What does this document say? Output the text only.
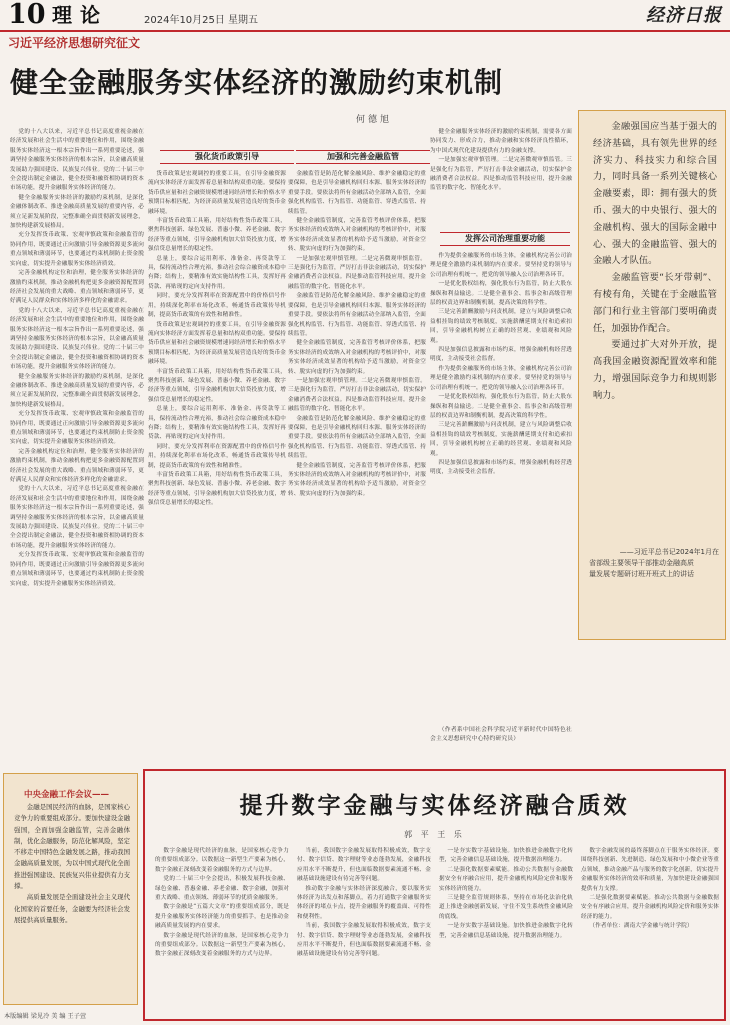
10 理论	2024年10月25日 星期五	经济日报
习近平经济思想研究征文
健全金融服务实体经济的激励约束机制
何德旭

党的十八大以来，习近平总书记高度重视金融在经济发展和社会生活中的重要地位和作用，围绕金融服务实体经济这一根本宗旨作出一系列重要论述，强调坚持金融服务实体经济的根本宗旨，以金融高质量发展助力强国建设、民族复兴伟业。党的二十届三中全会提出制定金融法，健全投资和融资相协调的资本市场功能，提升金融服务实体经济的能力。

健全金融服务实体经济的激励约束机制，是深化金融体制改革、推进金融高质量发展的重要内容，必须立足新发展阶段，完整准确全面贯彻新发展理念，加快构建新发展格局。

充分发挥货币政策、宏观审慎政策和金融监管的协同作用，既要通过正向激励引导金融资源更多流向重点领域和薄弱环节，也要通过约束机制防止资金脱实向虚，切实提升金融服务实体经济质效。

完善金融机构定位和治理，健全服务实体经济的激励约束机制，推动金融机构把更多金融资源配置到经济社会发展的重大战略、重点领域和薄弱环节，更好满足人民群众和实体经济多样化的金融需求。

党的十八大以来，习近平总书记高度重视金融在经济发展和社会生活中的重要地位和作用，围绕金融服务实体经济这一根本宗旨作出一系列重要论述，强调坚持金融服务实体经济的根本宗旨，以金融高质量发展助力强国建设、民族复兴伟业。党的二十届三中全会提出制定金融法，健全投资和融资相协调的资本市场功能，提升金融服务实体经济的能力。

健全金融服务实体经济的激励约束机制，是深化金融体制改革、推进金融高质量发展的重要内容，必须立足新发展阶段，完整准确全面贯彻新发展理念，加快构建新发展格局。

充分发挥货币政策、宏观审慎政策和金融监管的协同作用，既要通过正向激励引导金融资源更多流向重点领域和薄弱环节，也要通过约束机制防止资金脱实向虚，切实提升金融服务实体经济质效。

完善金融机构定位和治理，健全服务实体经济的激励约束机制，推动金融机构把更多金融资源配置到经济社会发展的重大战略、重点领域和薄弱环节，更好满足人民群众和实体经济多样化的金融需求。

党的十八大以来，习近平总书记高度重视金融在经济发展和社会生活中的重要地位和作用，围绕金融服务实体经济这一根本宗旨作出一系列重要论述，强调坚持金融服务实体经济的根本宗旨，以金融高质量发展助力强国建设、民族复兴伟业。党的二十届三中全会提出制定金融法，健全投资和融资相协调的资本市场功能，提升金融服务实体经济的能力。

充分发挥货币政策、宏观审慎政策和金融监管的协同作用，既要通过正向激励引导金融资源更多流向重点领域和薄弱环节，也要通过约束机制防止资金脱实向虚，切实提升金融服务实体经济质效。

强化货币政策引导

货币政策是宏观调控的重要工具，在引导金融资源流向实体经济方面发挥着总量和结构双重功能。要保持货币供应量和社会融资规模增速同经济增长和价格水平预期目标相匹配，为经济高质量发展营造良好的货币金融环境。

丰富货币政策工具箱，用好结构性货币政策工具，聚焦科技创新、绿色发展、普惠小微、养老金融、数字经济等重点领域，引导金融机构加大信贷投放力度，增强信贷总量增长的稳定性。

总量上，要综合运用利率、准备金、再贷款等工具，保持流动性合理充裕，推动社会综合融资成本稳中有降；结构上，要精准有效实施结构性工具，发挥好再贷款、再贴现的定向支持作用。

同时，要充分发挥利率在资源配置中的价格信号作用，持续深化利率市场化改革，畅通货币政策传导机制，提高货币政策的有效性和精准性。

货币政策是宏观调控的重要工具，在引导金融资源流向实体经济方面发挥着总量和结构双重功能。要保持货币供应量和社会融资规模增速同经济增长和价格水平预期目标相匹配，为经济高质量发展营造良好的货币金融环境。

丰富货币政策工具箱，用好结构性货币政策工具，聚焦科技创新、绿色发展、普惠小微、养老金融、数字经济等重点领域，引导金融机构加大信贷投放力度，增强信贷总量增长的稳定性。

总量上，要综合运用利率、准备金、再贷款等工具，保持流动性合理充裕，推动社会综合融资成本稳中有降；结构上，要精准有效实施结构性工具，发挥好再贷款、再贴现的定向支持作用。

同时，要充分发挥利率在资源配置中的价格信号作用，持续深化利率市场化改革，畅通货币政策传导机制，提高货币政策的有效性和精准性。

丰富货币政策工具箱，用好结构性货币政策工具，聚焦科技创新、绿色发展、普惠小微、养老金融、数字经济等重点领域，引导金融机构加大信贷投放力度，增强信贷总量增长的稳定性。

加强和完善金融监管

金融监管是防范化解金融风险、维护金融稳定的重要保障，也是引导金融机构回归本源、服务实体经济的重要手段。要依法将所有金融活动全部纳入监管，全面强化机构监管、行为监管、功能监管、穿透式监管、持续监管。

健全金融监管制度，完善监管考核评价体系，把服务实体经济的成效纳入对金融机构的考核评价中，对服务实体经济成效显著的机构给予适当激励，对资金空转、脱实向虚的行为加强约束。

一是加强宏观审慎管理。二是完善微观审慎监管。三是强化行为监管，严厉打击非法金融活动，切实保护金融消费者合法权益。四是推动监管科技应用，提升金融监管的数字化、智能化水平。

金融监管是防范化解金融风险、维护金融稳定的重要保障，也是引导金融机构回归本源、服务实体经济的重要手段。要依法将所有金融活动全部纳入监管，全面强化机构监管、行为监管、功能监管、穿透式监管、持续监管。

健全金融监管制度，完善监管考核评价体系，把服务实体经济的成效纳入对金融机构的考核评价中，对服务实体经济成效显著的机构给予适当激励，对资金空转、脱实向虚的行为加强约束。

一是加强宏观审慎管理。二是完善微观审慎监管。三是强化行为监管，严厉打击非法金融活动，切实保护金融消费者合法权益。四是推动监管科技应用，提升金融监管的数字化、智能化水平。

金融监管是防范化解金融风险、维护金融稳定的重要保障，也是引导金融机构回归本源、服务实体经济的重要手段。要依法将所有金融活动全部纳入监管，全面强化机构监管、行为监管、功能监管、穿透式监管、持续监管。

健全金融监管制度，完善监管考核评价体系，把服务实体经济的成效纳入对金融机构的考核评价中，对服务实体经济成效显著的机构给予适当激励，对资金空转、脱实向虚的行为加强约束。

健全金融服务实体经济的激励约束机制，需要各方面协同发力、形成合力，推动金融和实体经济良性循环，为中国式现代化建设提供有力的金融支撑。

一是加强宏观审慎管理。二是完善微观审慎监管。三是强化行为监管，严厉打击非法金融活动，切实保护金融消费者合法权益。四是推动监管科技应用，提升金融监管的数字化、智能化水平。

发挥公司治理重要功能

作为提供金融服务的市场主体，金融机构完善公司治理是健全激励约束机制的内在要求。要坚持党的领导与公司治理有机统一，把党的领导融入公司治理各环节。

一是优化股权结构，强化股东行为监管，防止大股东操纵和利益输送。二是健全董事会、监事会和高级管理层的权责边界和制衡机制，提高决策的科学性。

三是完善薪酬激励与问责机制，建立与风险调整后收益相挂钩的绩效考核制度，实施薪酬延期支付和追索扣回，引导金融机构树立正确的经营观、业绩观和风险观。

四是加强信息披露和市场约束，增强金融机构经营透明度，主动接受社会监督。

作为提供金融服务的市场主体，金融机构完善公司治理是健全激励约束机制的内在要求。要坚持党的领导与公司治理有机统一，把党的领导融入公司治理各环节。

一是优化股权结构，强化股东行为监管，防止大股东操纵和利益输送。二是健全董事会、监事会和高级管理层的权责边界和制衡机制，提高决策的科学性。

三是完善薪酬激励与问责机制，建立与风险调整后收益相挂钩的绩效考核制度，实施薪酬延期支付和追索扣回，引导金融机构树立正确的经营观、业绩观和风险观。

四是加强信息披露和市场约束，增强金融机构经营透明度，主动接受社会监督。

（作者系中国社会科学院习近平新时代中国特色社会主义思想研究中心特约研究员）

金融强国应当基于强大的经济基础，具有领先世界的经济实力、科技实力和综合国力，同时具备一系列关键核心金融要素，即：拥有强大的货币、强大的中央银行、强大的金融机构、强大的国际金融中心、强大的金融监管、强大的金融人才队伍。

金融监管要“长牙带刺”、有棱有角，关键在于金融监管部门和行业主管部门要明确责任，加强协作配合。

要通过扩大对外开放，提高我国金融资源配置效率和能力，增强国际竞争力和规则影响力。

——习近平总书记2024年1月在
省部级主要领导干部推动金融高质
量发展专题研讨班开班式上的讲话
中央金融工作会议——

金融是国民经济的血脉，是国家核心竞争力的重要组成部分。要加快建设金融强国，全面加强金融监管，完善金融体制，优化金融服务，防范化解风险，坚定不移走中国特色金融发展之路，推动我国金融高质量发展，为以中国式现代化全面推进强国建设、民族复兴伟业提供有力支撑。

高质量发展是全面建设社会主义现代化国家的首要任务，金融要为经济社会发展提供高质量服务。

提升数字金融与实体经济融合质效
郭 平 王 乐

数字金融是现代经济的血脉，是国家核心竞争力的重要组成部分。以数据这一新型生产要素为核心，数字金融正深刻改变着金融服务的方式与边界。

党的二十届三中全会提出，积极发展科技金融、绿色金融、普惠金融、养老金融、数字金融，加强对重大战略、重点领域、薄弱环节的优质金融服务。

数字金融是“五篇大文章”的重要组成部分，既是提升金融服务实体经济能力的重要抓手，也是推动金融高质量发展的内在要求。

数字金融是现代经济的血脉，是国家核心竞争力的重要组成部分。以数据这一新型生产要素为核心，数字金融正深刻改变着金融服务的方式与边界。

当前，我国数字金融发展取得积极成效，数字支付、数字信贷、数字理财等业态蓬勃发展，金融科技应用水平不断提升，但也面临数据要素流通不畅、金融基础设施建设有待完善等问题。

推动数字金融与实体经济深度融合，要以服务实体经济为出发点和落脚点，着力打通数字金融服务实体经济的堵点卡点，提升金融服务的覆盖面、可得性和便利性。

当前，我国数字金融发展取得积极成效，数字支付、数字信贷、数字理财等业态蓬勃发展，金融科技应用水平不断提升，但也面临数据要素流通不畅、金融基础设施建设有待完善等问题。

一是夯实数字基础设施。加快推进金融数字化转型，完善金融信息基础设施，提升数据治理能力。

二是强化数据要素赋能。推动公共数据与金融数据安全有序融合应用，提升金融机构风险定价和服务实体经济的能力。

三是健全监管规则体系，坚持在市场化法治化轨道上推进金融创新发展，守住不发生系统性金融风险的底线。

一是夯实数字基础设施。加快推进金融数字化转型，完善金融信息基础设施，提升数据治理能力。

数字金融发展的最终落脚点在于服务实体经济。要围绕科技创新、先进制造、绿色发展和中小微企业等重点领域，推动金融产品与服务的数字化创新，切实提升金融服务实体经济的效率和质量，为加快建设金融强国提供有力支撑。

二是强化数据要素赋能。推动公共数据与金融数据安全有序融合应用，提升金融机构风险定价和服务实体经济的能力。

（作者单位：湖南大学金融与统计学院）

本版编辑 梁见冷 美 编 王子萱
